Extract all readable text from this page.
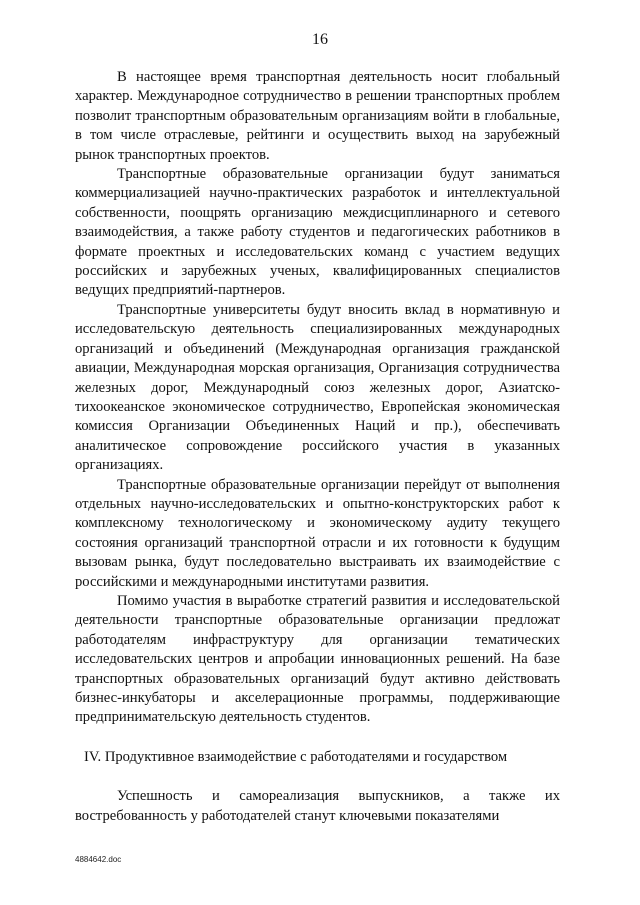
16

В настоящее время транспортная деятельность носит глобальный характер. Международное сотрудничество в решении транспортных проблем позволит транспортным образовательным организациям войти в глобальные, в том числе отраслевые, рейтинги и осуществить выход на зарубежный рынок транспортных проектов.

Транспортные образовательные организации будут заниматься коммерциализацией научно-практических разработок и интеллектуальной собственности, поощрять организацию междисциплинарного и сетевого взаимодействия, а также работу студентов и педагогических работников в формате проектных и исследовательских команд с участием ведущих российских и зарубежных ученых, квалифицированных специалистов ведущих предприятий-партнеров.

Транспортные университеты будут вносить вклад в нормативную и исследовательскую деятельность специализированных международных организаций и объединений (Международная организация гражданской авиации, Международная морская организация, Организация сотрудничества железных дорог, Международный союз железных дорог, Азиатско-тихоокеанское экономическое сотрудничество, Европейская экономическая комиссия Организации Объединенных Наций и пр.), обеспечивать аналитическое сопровождение российского участия в указанных организациях.

Транспортные образовательные организации перейдут от выполнения отдельных научно-исследовательских и опытно-конструкторских работ к комплексному технологическому и экономическому аудиту текущего состояния организаций транспортной отрасли и их готовности к будущим вызовам рынка, будут последовательно выстраивать их взаимодействие с российскими и международными институтами развития.

Помимо участия в выработке стратегий развития и исследовательской деятельности транспортные образовательные организации предложат работодателям инфраструктуру для организации тематических исследовательских центров и апробации инновационных решений. На базе транспортных образовательных организаций будут активно действовать бизнес-инкубаторы и акселерационные программы, поддерживающие предпринимательскую деятельность студентов.

IV. Продуктивное взаимодействие с работодателями и государством

Успешность и самореализация выпускников, а также их востребованность у работодателей станут ключевыми показателями

4884642.doc
